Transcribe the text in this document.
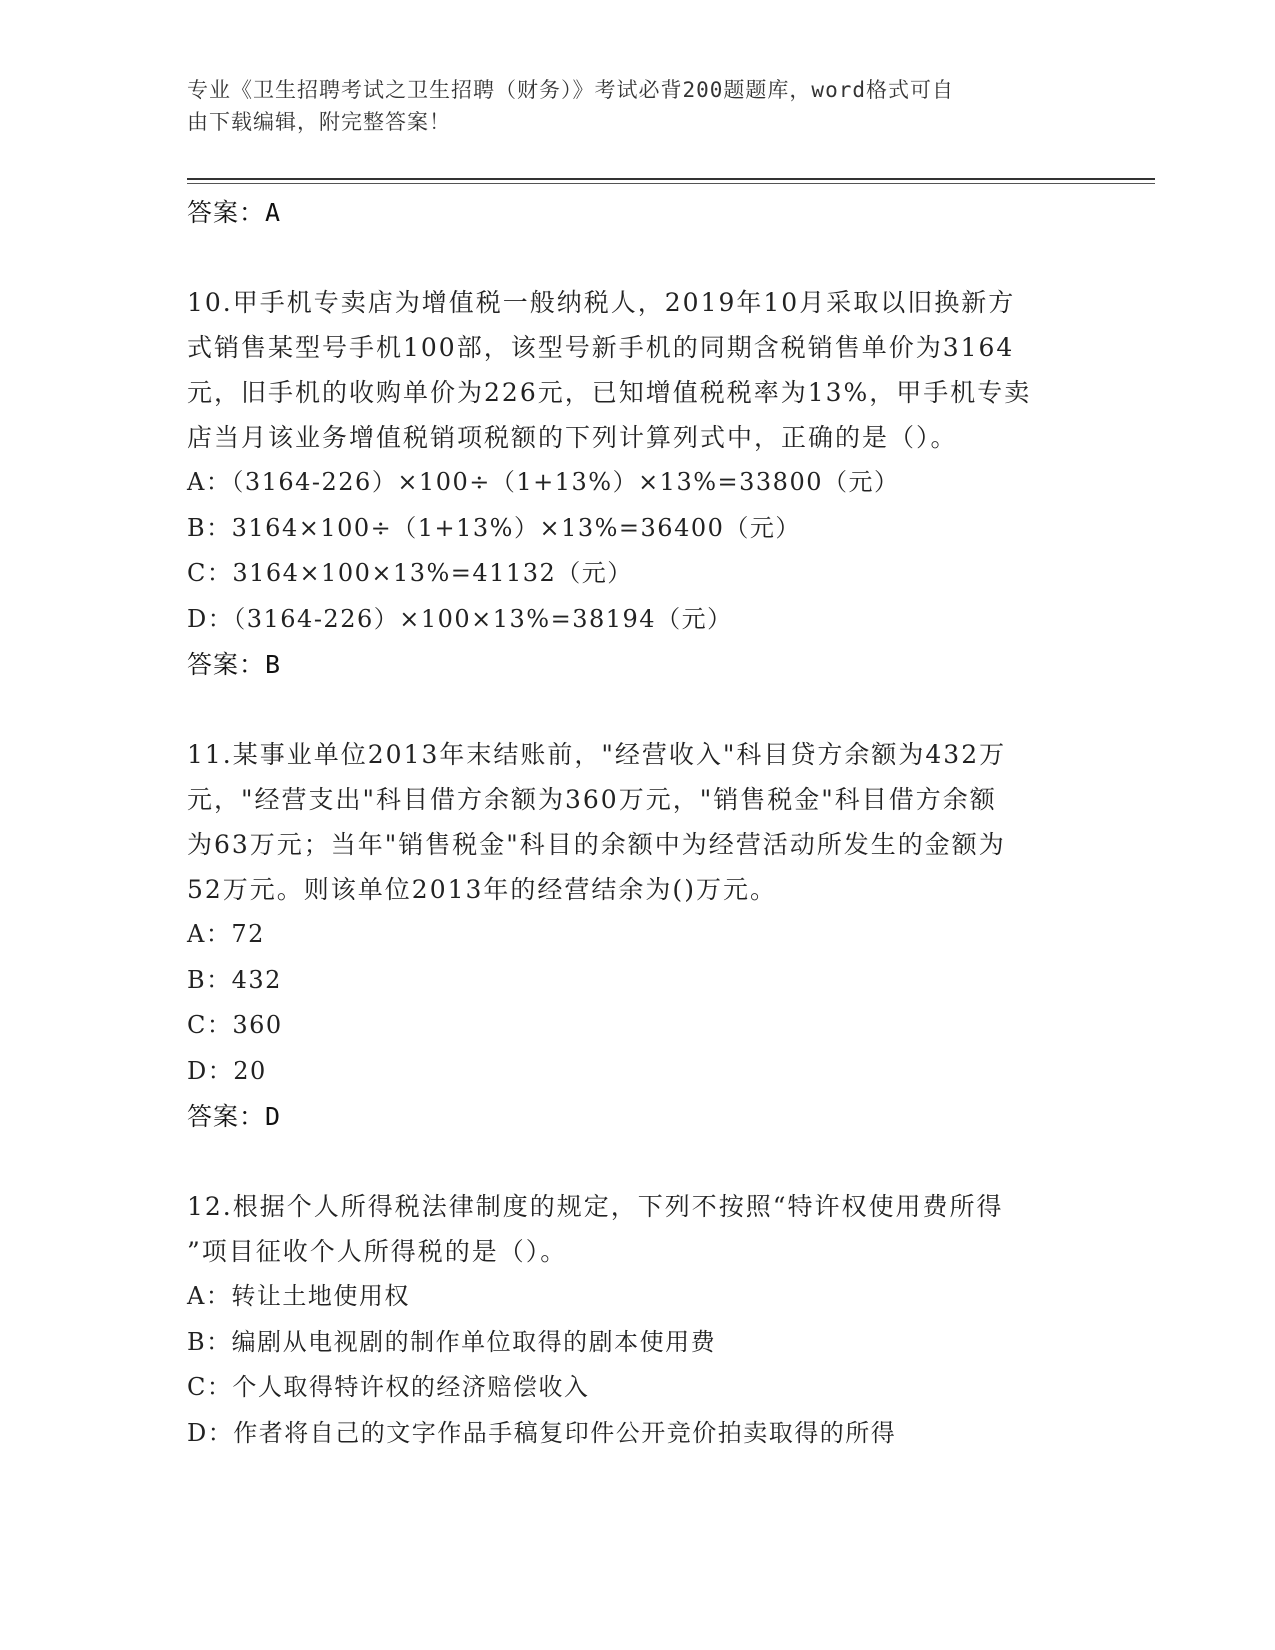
专业《卫生招聘考试之卫生招聘（财务）》考试必背200题题库，word格式可自
由下载编辑，附完整答案！

答案：A

10.甲手机专卖店为增值税一般纳税人，2019年10月采取以旧换新方

式销售某型号手机100部，该型号新手机的同期含税销售单价为3164

元，旧手机的收购单价为226元，已知增值税税率为13%，甲手机专卖

店当月该业务增值税销项税额的下列计算列式中，正确的是（）。

A：（3164-226）×100÷（1+13%）×13%=33800（元）

B：3164×100÷（1+13%）×13%=36400（元）

C：3164×100×13%=41132（元）

D：（3164-226）×100×13%=38194（元）

答案：B

11.某事业单位2013年末结账前，"经营收入"科目贷方余额为432万

元，"经营支出"科目借方余额为360万元，"销售税金"科目借方余额

为63万元；当年"销售税金"科目的余额中为经营活动所发生的金额为

52万元。则该单位2013年的经营结余为()万元。

A：72

B：432

C：360

D：20

答案：D

12.根据个人所得税法律制度的规定，下列不按照“特许权使用费所得

”项目征收个人所得税的是（）。

A：转让土地使用权

B：编剧从电视剧的制作单位取得的剧本使用费

C：个人取得特许权的经济赔偿收入

D：作者将自己的文字作品手稿复印件公开竞价拍卖取得的所得
